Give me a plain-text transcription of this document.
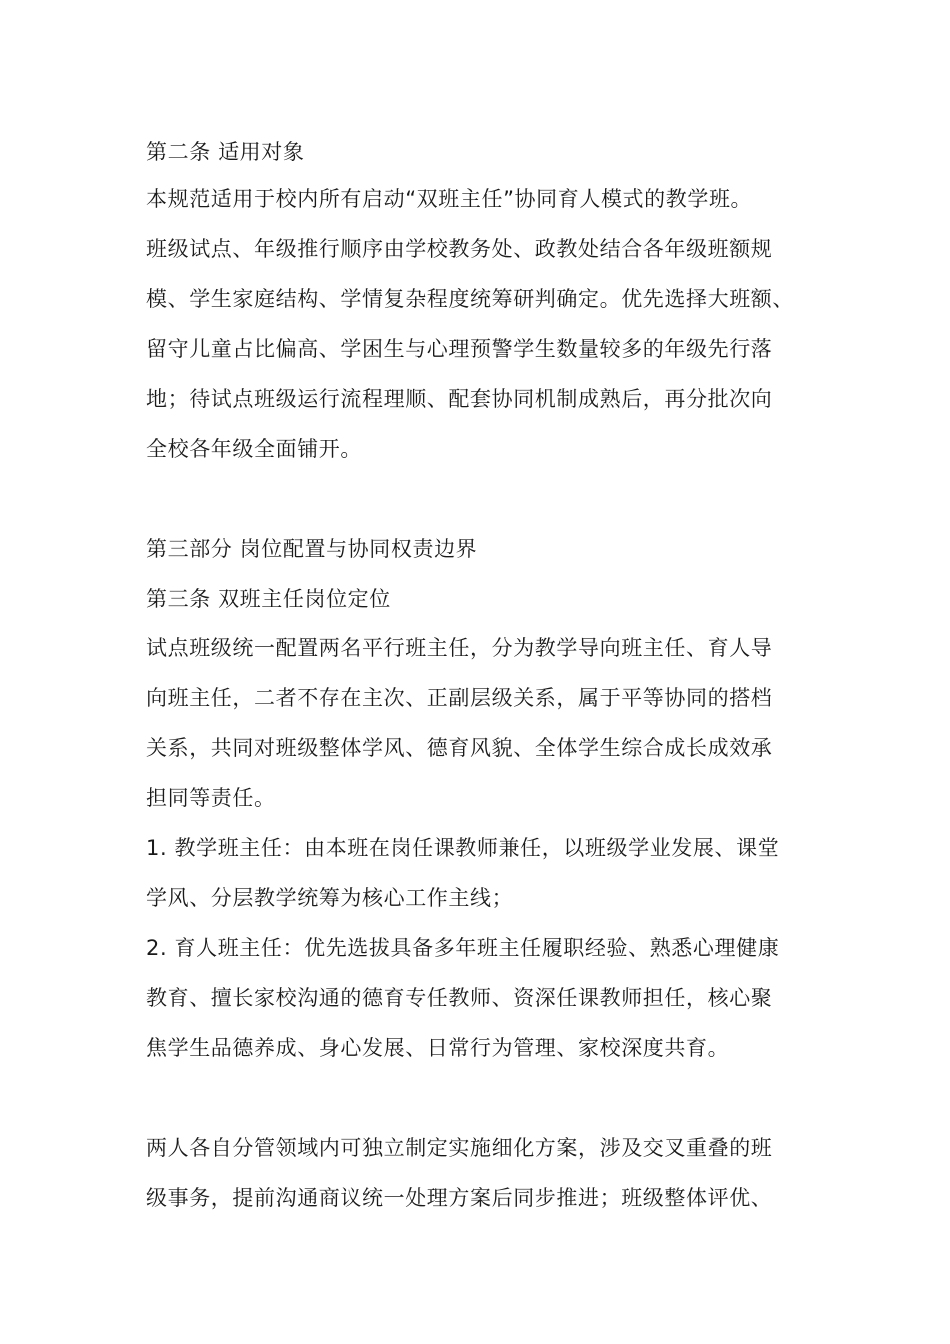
第二条 适用对象
本规范适用于校内所有启动“双班主任”协同育人模式的教学班。
班级试点、年级推行顺序由学校教务处、政教处结合各年级班额规
模、学生家庭结构、学情复杂程度统筹研判确定。优先选择大班额、
留守儿童占比偏高、学困生与心理预警学生数量较多的年级先行落
地；待试点班级运行流程理顺、配套协同机制成熟后，再分批次向
全校各年级全面铺开。
第三部分 岗位配置与协同权责边界
第三条 双班主任岗位定位
试点班级统一配置两名平行班主任，分为教学导向班主任、育人导
向班主任，二者不存在主次、正副层级关系，属于平等协同的搭档
关系，共同对班级整体学风、德育风貌、全体学生综合成长成效承
担同等责任。
1. 教学班主任：由本班在岗任课教师兼任，以班级学业发展、课堂
学风、分层教学统筹为核心工作主线；
2. 育人班主任：优先选拔具备多年班主任履职经验、熟悉心理健康
教育、擅长家校沟通的德育专任教师、资深任课教师担任，核心聚
焦学生品德养成、身心发展、日常行为管理、家校深度共育。
两人各自分管领域内可独立制定实施细化方案，涉及交叉重叠的班
级事务，提前沟通商议统一处理方案后同步推进；班级整体评优、
